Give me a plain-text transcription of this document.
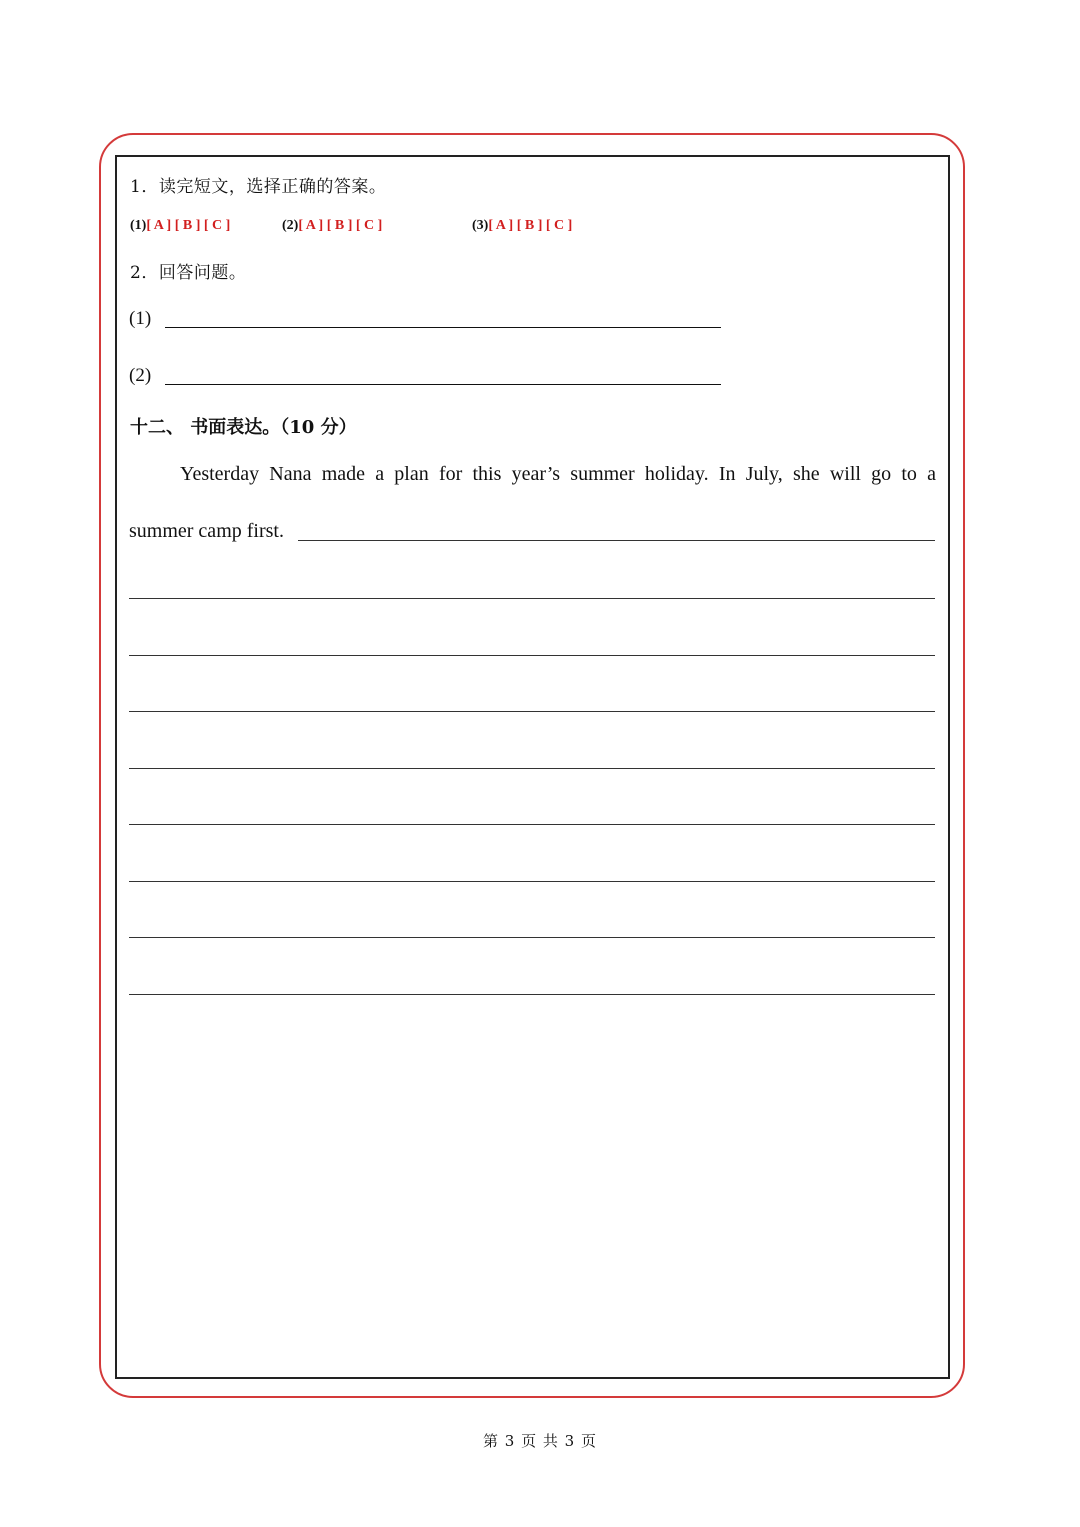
1．读完短文，选择正确的答案。
(1)[ A ] [ B ] [ C ]	(2)[ A ] [ B ] [ C ]	(3)[ A ] [ B ] [ C ]
2．回答问题。
(1)
(2)
十二、 书面表达。（10 分）
Yesterday Nana made a plan for this year’s summer holiday. In July, she will go to a
summer camp first.
第 3 页 共 3 页
